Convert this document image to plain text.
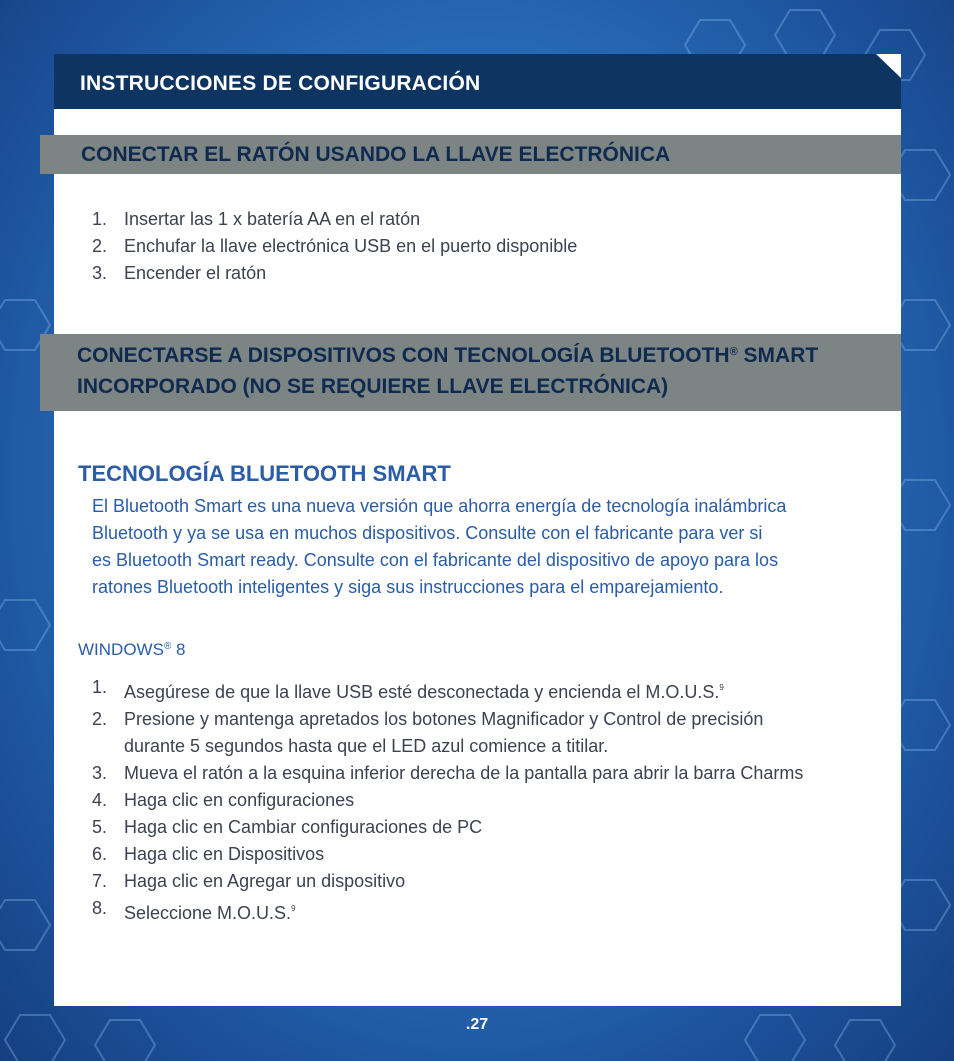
INSTRUCCIONES DE CONFIGURACIÓN
CONECTAR EL RATÓN USANDO LA LLAVE ELECTRÓNICA
1. Insertar las 1 x batería AA en el ratón
2. Enchufar la llave electrónica USB en el puerto disponible
3. Encender el ratón
CONECTARSE A DISPOSITIVOS CON TECNOLOGÍA BLUETOOTH® SMART
INCORPORADO (NO SE REQUIERE LLAVE ELECTRÓNICA)
TECNOLOGÍA BLUETOOTH SMART

El Bluetooth Smart es una nueva versión que ahorra energía de tecnología inalámbrica
Bluetooth y ya se usa en muchos dispositivos. Consulte con el fabricante para ver si
es Bluetooth Smart ready. Consulte con el fabricante del dispositivo de apoyo para los
ratones Bluetooth inteligentes y siga sus instrucciones para el emparejamiento.

WINDOWS® 8
1. Asegúrese de que la llave USB esté desconectada y encienda el M.O.U.S.$^9$
2. Presione y mantenga apretados los botones Magnificador y Control de precisión
durante 5 segundos hasta que el LED azul comience a titilar.
3. Mueva el ratón a la esquina inferior derecha de la pantalla para abrir la barra Charms
4. Haga clic en configuraciones
5. Haga clic en Cambiar configuraciones de PC
6. Haga clic en Dispositivos
7. Haga clic en Agregar un dispositivo
8. Seleccione M.O.U.S.$^9$
.27
